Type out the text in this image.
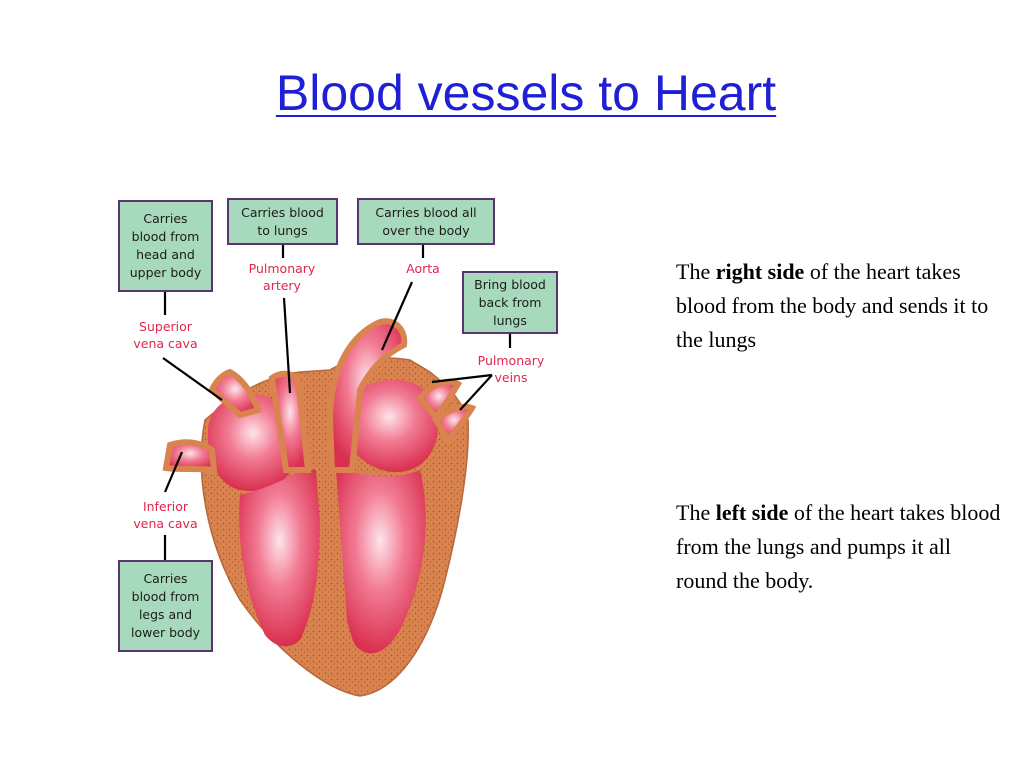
Blood vessels to Heart
Carries
blood from
head and
upper body
Carries blood
to lungs
Carries blood all
over the body
Bring blood
back from
lungs
Carries
blood from
legs and
lower body
Superior
vena cava
Pulmonary
artery
Aorta
Pulmonary
veins
Inferior
vena cava
The right side of the heart takes blood from the body and sends it to the lungs
The left side of the heart takes blood from the lungs and pumps it all round the body.
